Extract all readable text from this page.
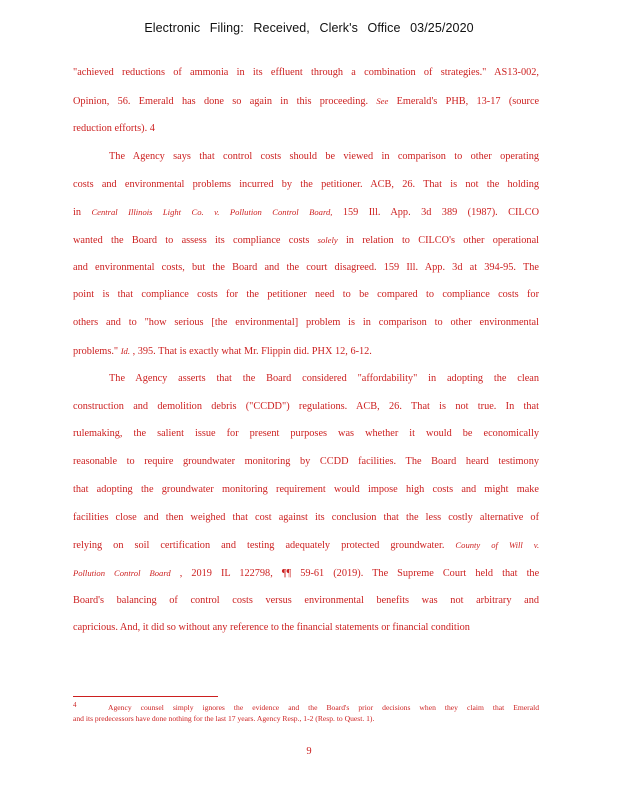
Electronic Filing: Received, Clerk's Office 03/25/2020

"achieved reductions of ammonia in its effluent through a combination of strategies." AS13-002,

Opinion, 56. Emerald has done so again in this proceeding. See Emerald's PHB, 13-17 (source

reduction efforts). 4

The Agency says that control costs should be viewed in comparison to other operating

costs and environmental problems incurred by the petitioner. ACB, 26. That is not the holding

in Central Illinois Light Co. v. Pollution Control Board, 159 Ill. App. 3d 389 (1987). CILCO

wanted the Board to assess its compliance costs solely in relation to CILCO's other operational

and environmental costs, but the Board and the court disagreed. 159 Ill. App. 3d at 394-95. The

point is that compliance costs for the petitioner need to be compared to compliance costs for

others and to "how serious [the environmental] problem is in comparison to other environmental

problems." Id. , 395. That is exactly what Mr. Flippin did. PHX 12, 6-12.

The Agency asserts that the Board considered "affordability" in adopting the clean

construction and demolition debris ("CCDD") regulations. ACB, 26. That is not true. In that

rulemaking, the salient issue for present purposes was whether it would be economically

reasonable to require groundwater monitoring by CCDD facilities. The Board heard testimony

that adopting the groundwater monitoring requirement would impose high costs and might make

facilities close and then weighed that cost against its conclusion that the less costly alternative of

relying on soil certification and testing adequately protected groundwater. County of Will v.

Pollution Control Board , 2019 IL 122798, ¶¶ 59-61 (2019). The Supreme Court held that the

Board's balancing of control costs versus environmental benefits was not arbitrary and

capricious. And, it did so without any reference to the financial statements or financial condition

4	Agency counsel simply ignores the evidence and the Board's prior decisions when they claim that Emerald

and its predecessors have done nothing for the last 17 years. Agency Resp., 1-2 (Resp. to Quest. 1).

9
